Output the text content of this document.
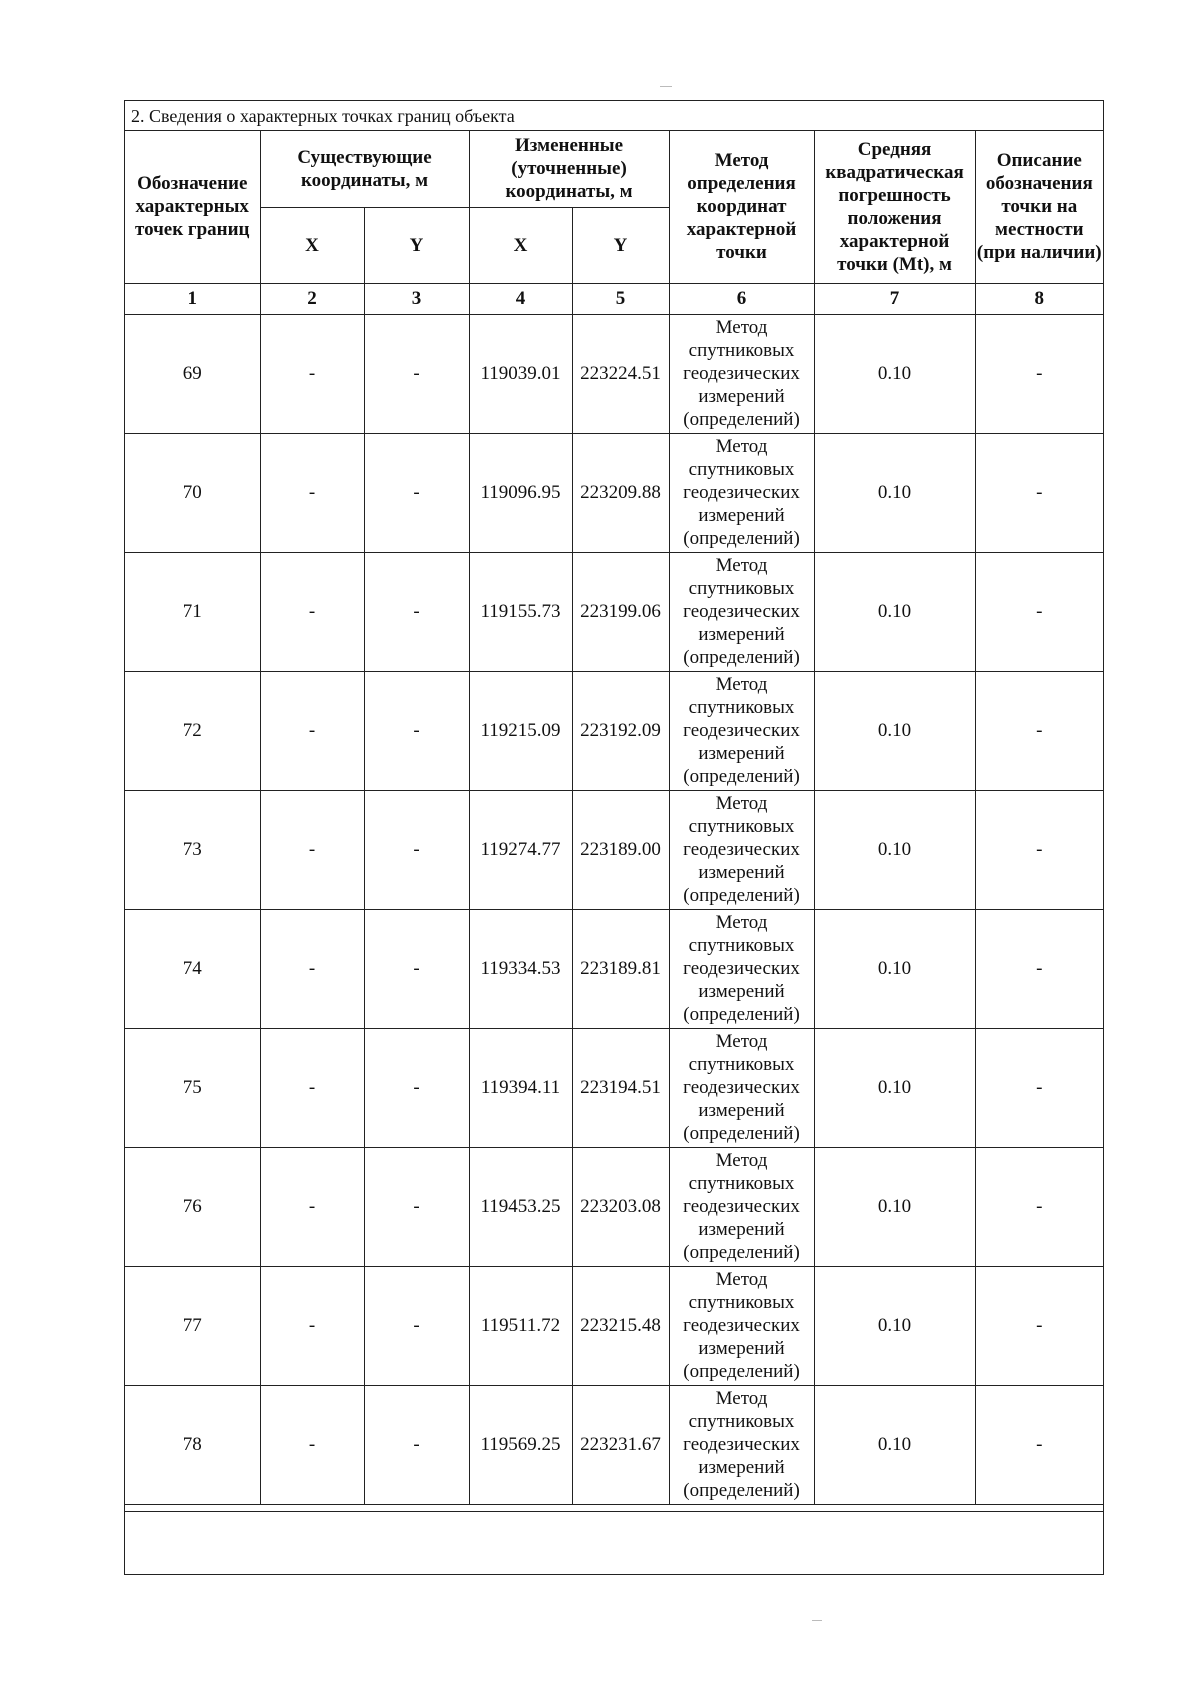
2. Сведения о характерных точках границ объекта
Обозначение характерных точек границ	Существующие координаты, м		Измененные (уточненные) координаты, м		Метод определения координат характерной точки	Средняя квадратическая погрешность положения характерной точки (Mt), м	Описание обозначения точки на местности (при наличии)
	X	Y	X	Y			
1	2	3	4	5	6	7	8
69	-	-	119039.01	223224.51	Метод спутниковых геодезических измерений (определений)	0.10	-
70	-	-	119096.95	223209.88	Метод спутниковых геодезических измерений (определений)	0.10	-
71	-	-	119155.73	223199.06	Метод спутниковых геодезических измерений (определений)	0.10	-
72	-	-	119215.09	223192.09	Метод спутниковых геодезических измерений (определений)	0.10	-
73	-	-	119274.77	223189.00	Метод спутниковых геодезических измерений (определений)	0.10	-
74	-	-	119334.53	223189.81	Метод спутниковых геодезических измерений (определений)	0.10	-
75	-	-	119394.11	223194.51	Метод спутниковых геодезических измерений (определений)	0.10	-
76	-	-	119453.25	223203.08	Метод спутниковых геодезических измерений (определений)	0.10	-
77	-	-	119511.72	223215.48	Метод спутниковых геодезических измерений (определений)	0.10	-
78	-	-	119569.25	223231.67	Метод спутниковых геодезических измерений (определений)	0.10	-
